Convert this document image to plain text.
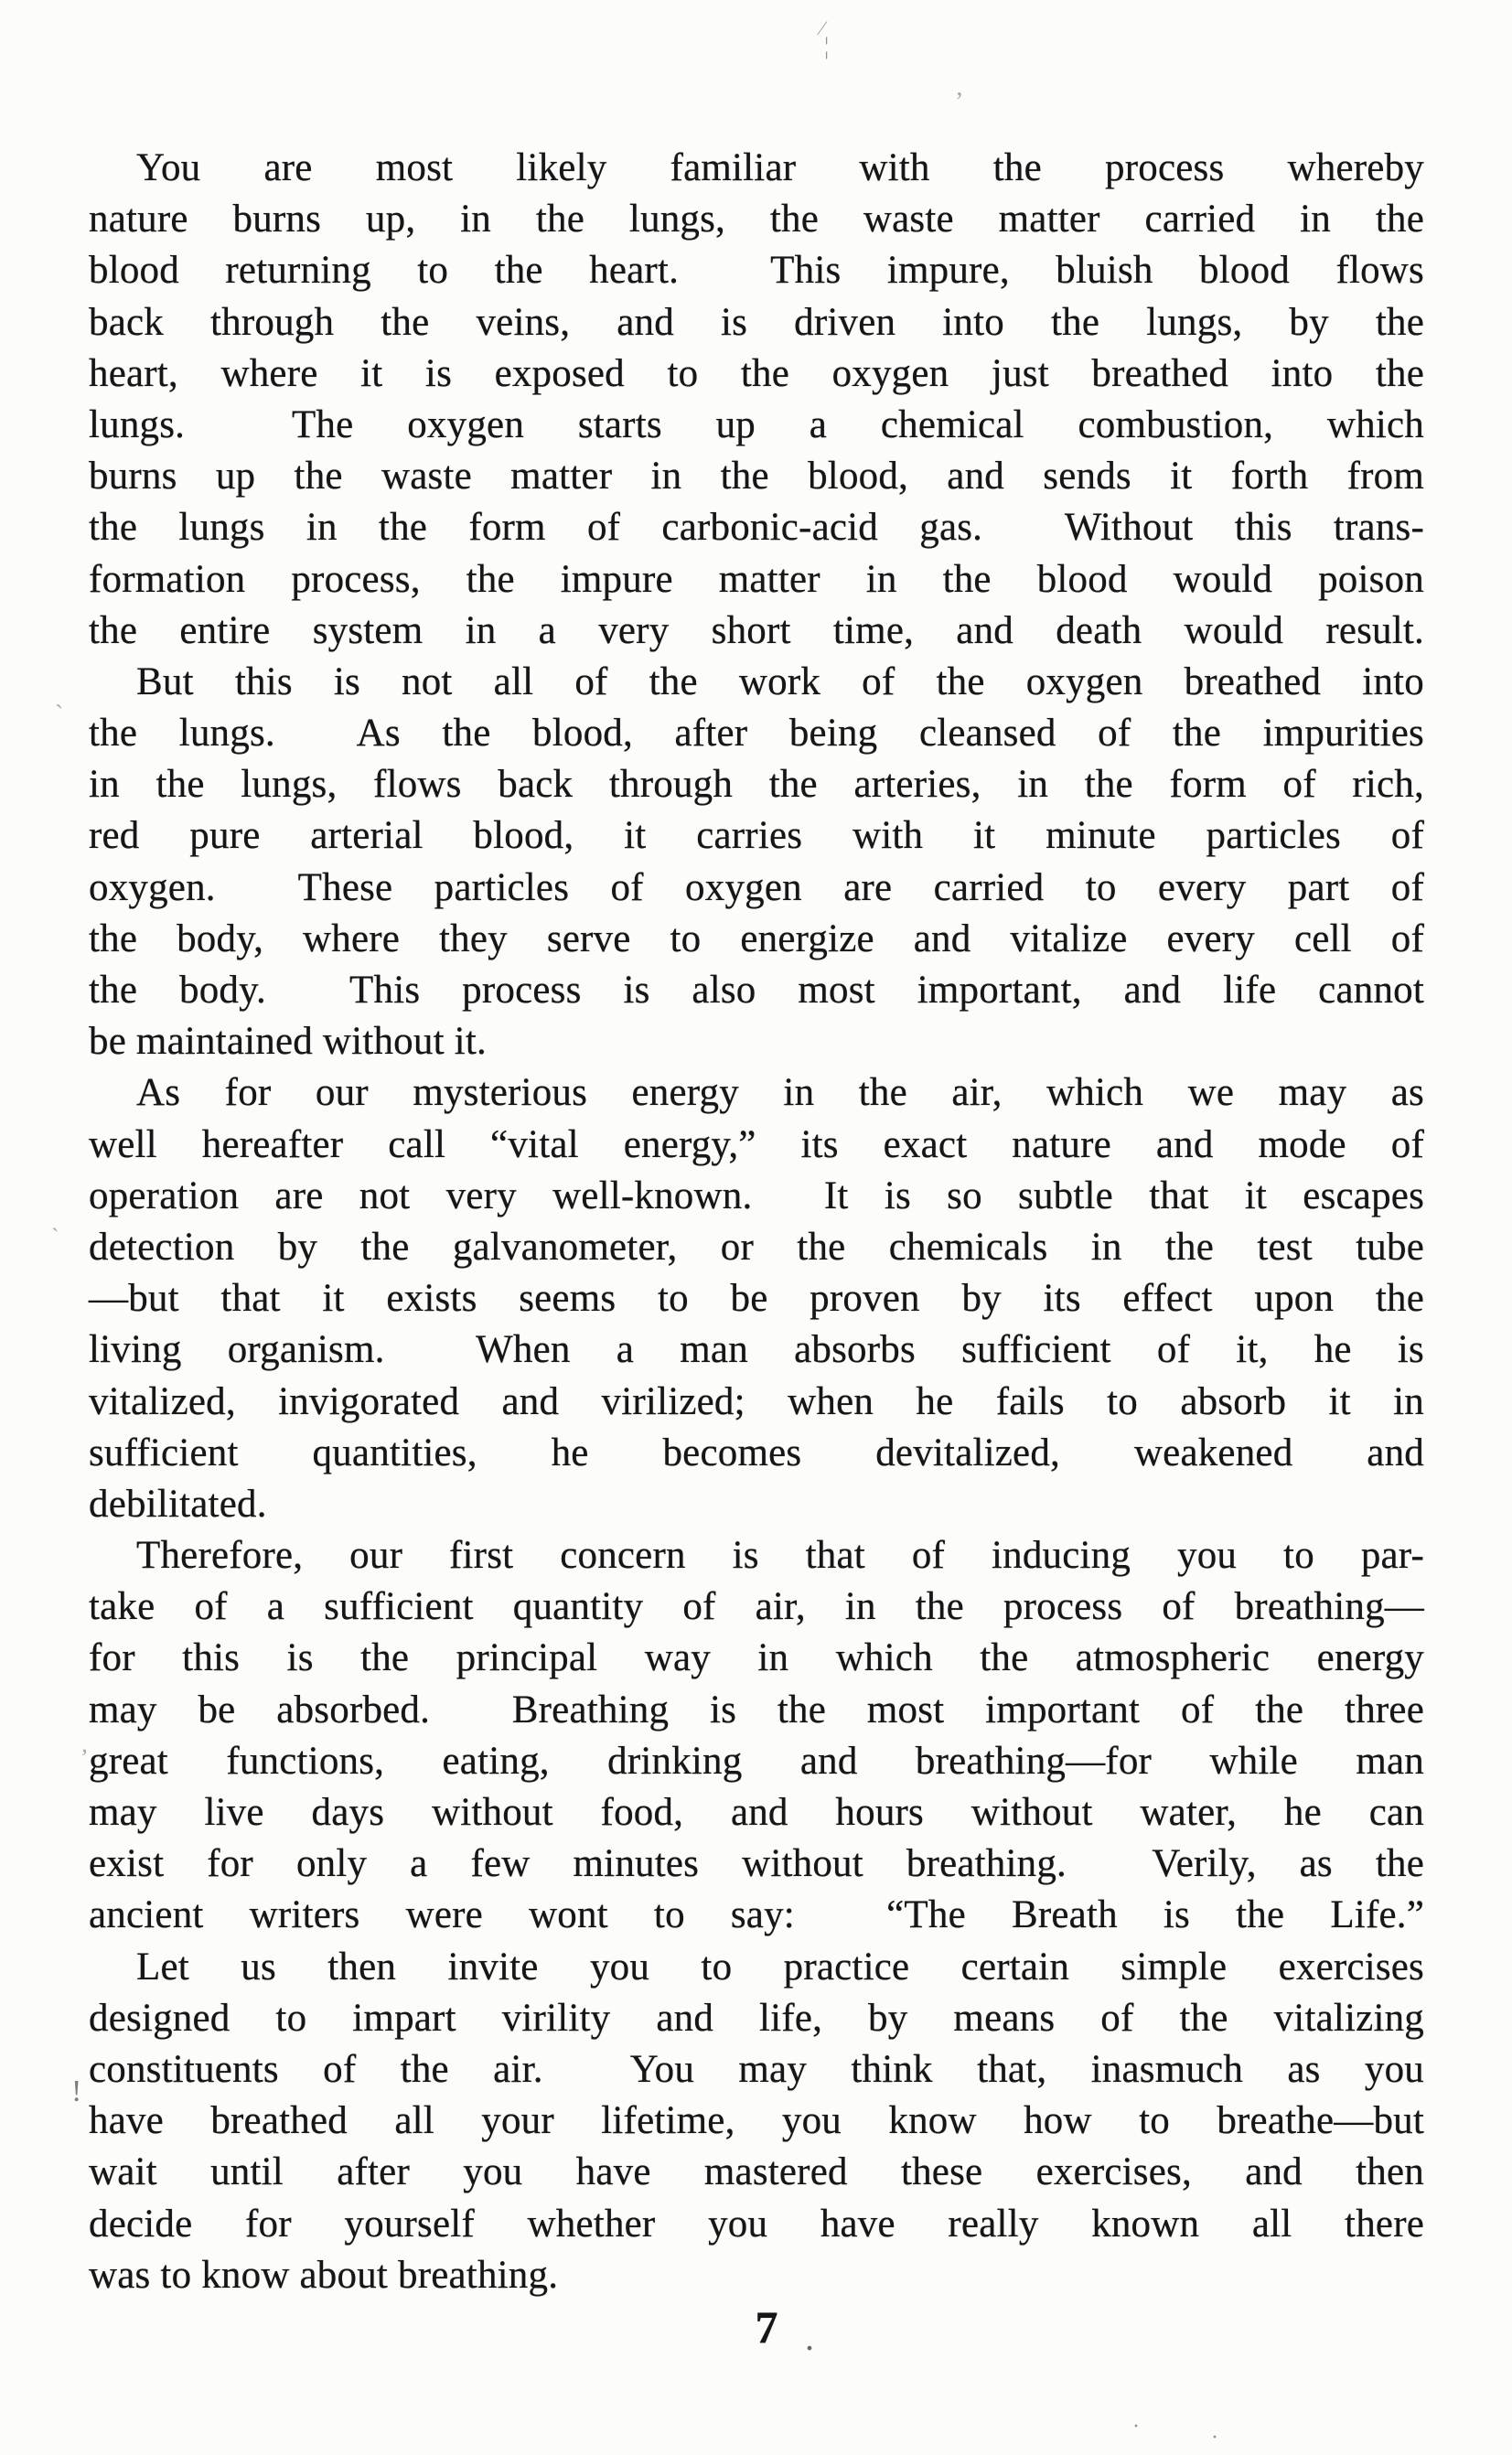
You are most likely familiar with the process whereby
nature burns up, in the lungs, the waste matter carried in the
blood returning to the heart.  This impure, bluish blood flows
back through the veins, and is driven into the lungs, by the
heart, where it is exposed to the oxygen just breathed into the
lungs.  The oxygen starts up a chemical combustion, which
burns up the waste matter in the blood, and sends it forth from
the lungs in the form of carbonic-acid gas.  Without this trans-
formation process, the impure matter in the blood would poison
the entire system in a very short time, and death would result.
But this is not all of the work of the oxygen breathed into
the lungs.  As the blood, after being cleansed of the impurities
in the lungs, flows back through the arteries, in the form of rich,
red pure arterial blood, it carries with it minute particles of
oxygen.  These particles of oxygen are carried to every part of
the body, where they serve to energize and vitalize every cell of
the body.  This process is also most important, and life cannot
be maintained without it.
As for our mysterious energy in the air, which we may as
well hereafter call “vital energy,” its exact nature and mode of
operation are not very well-known.  It is so subtle that it escapes
detection by the galvanometer, or the chemicals in the test tube
—but that it exists seems to be proven by its effect upon the
living organism.  When a man absorbs sufficient of it, he is
vitalized, invigorated and virilized; when he fails to absorb it in
sufficient quantities, he becomes devitalized, weakened and
debilitated.
Therefore, our first concern is that of inducing you to par-
take of a sufficient quantity of air, in the process of breathing—
for this is the principal way in which the atmospheric energy
may be absorbed.  Breathing is the most important of the three
great functions, eating, drinking and breathing—for while man
may live days without food, and hours without water, he can
exist for only a few minutes without breathing.  Verily, as the
ancient writers were wont to say:  “The Breath is the Life.”
Let us then invite you to practice certain simple exercises
designed to impart virility and life, by means of the vitalizing
constituents of the air.  You may think that, inasmuch as you
have breathed all your lifetime, you know how to breathe—but
wait until after you have mastered these exercises, and then
decide for yourself whether you have really known all there
was to know about breathing.
7
⁄
¦
’
`
ˋ
‚
!
.
·	·
